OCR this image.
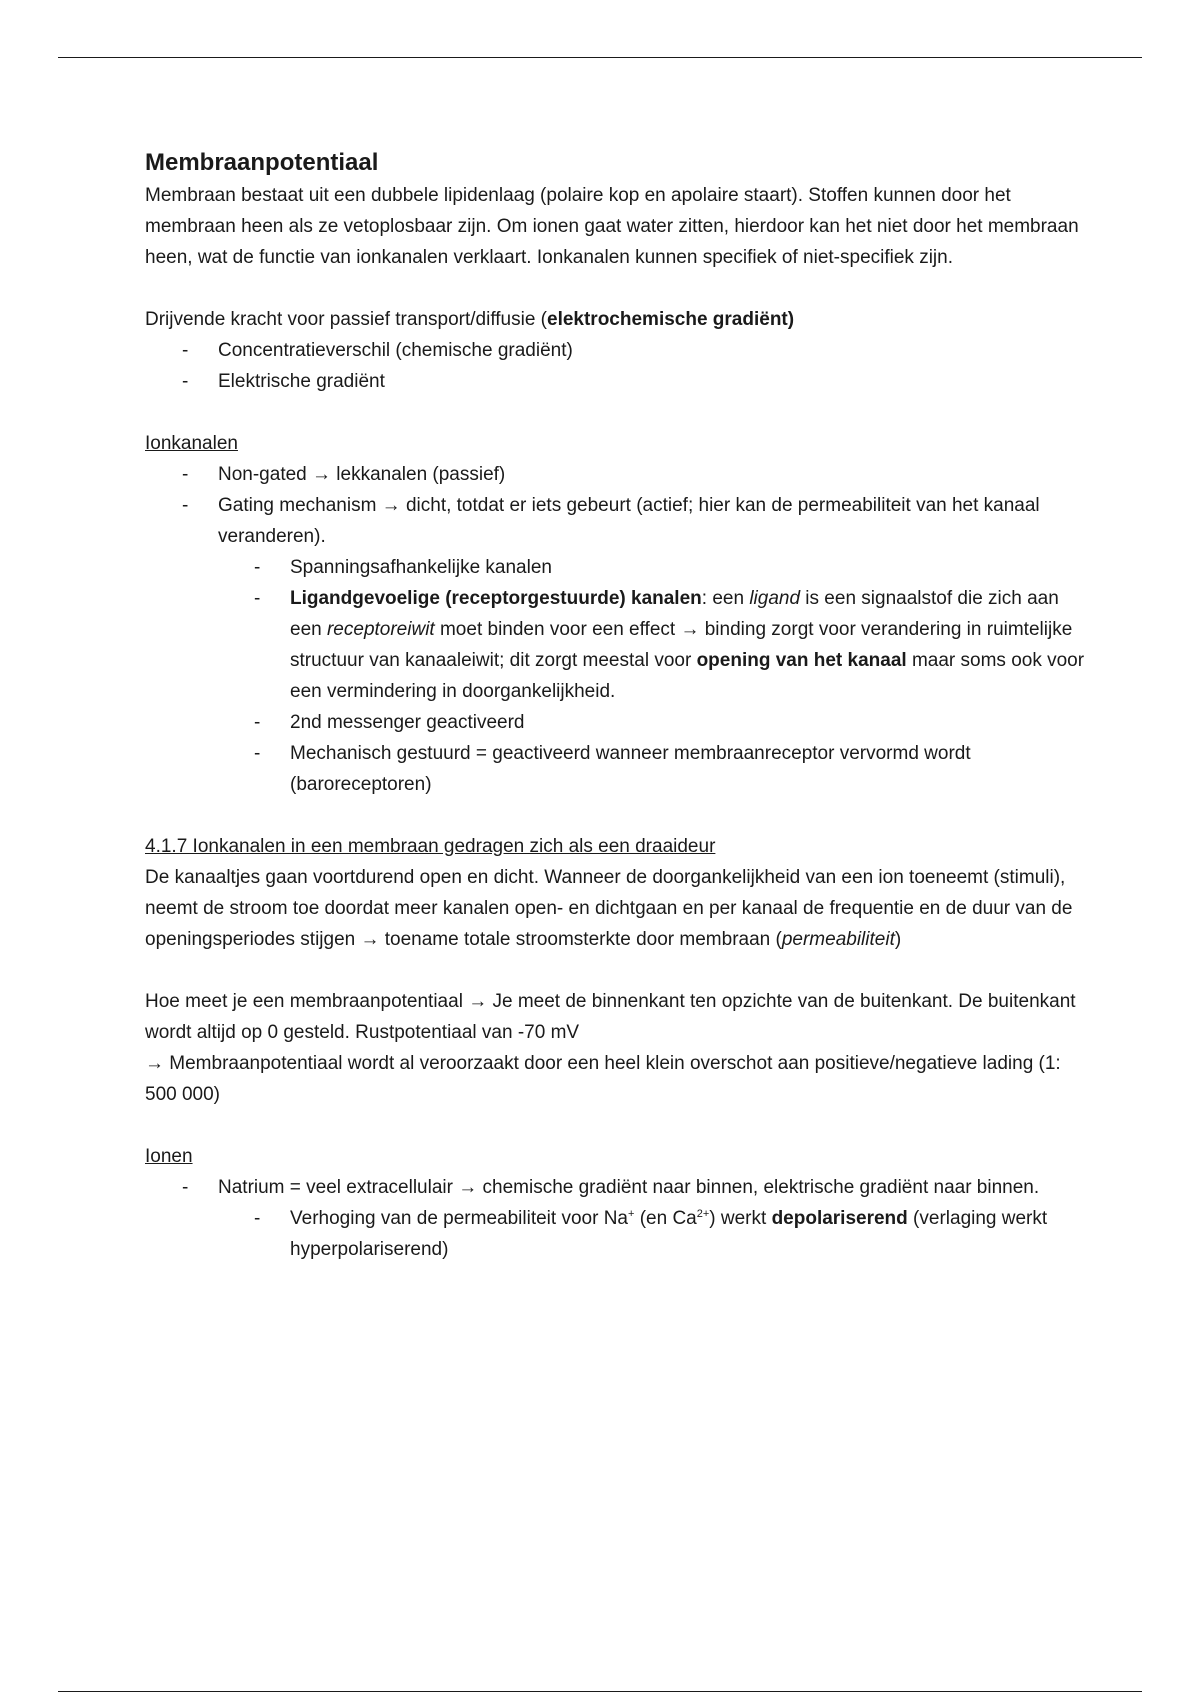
Membraanpotentiaal

Membraan bestaat uit een dubbele lipidenlaag (polaire kop en apolaire staart). Stoffen kunnen door het membraan heen als ze vetoplosbaar zijn. Om ionen gaat water zitten, hierdoor kan het niet door het membraan heen, wat de functie van ionkanalen verklaart. Ionkanalen kunnen specifiek of niet-specifiek zijn.

Drijvende kracht voor passief transport/diffusie (elektrochemische gradiënt)

- Concentratieverschil (chemische gradiënt)
- Elektrische gradiënt

Ionkanalen

- Non-gated → lekkanalen (passief)
- Gating mechanism → dicht, totdat er iets gebeurt (actief; hier kan de permeabiliteit van het kanaal veranderen).
- Spanningsafhankelijke kanalen
- Ligandgevoelige (receptorgestuurde) kanalen: een ligand is een signaalstof die zich aan een receptoreiwit moet binden voor een effect → binding zorgt voor verandering in ruimtelijke structuur van kanaaleiwit; dit zorgt meestal voor opening van het kanaal maar soms ook voor een vermindering in doorgankelijkheid.
- 2nd messenger geactiveerd
- Mechanisch gestuurd = geactiveerd wanneer membraanreceptor vervormd wordt (baroreceptoren)

4.1.7 Ionkanalen in een membraan gedragen zich als een draaideur

De kanaaltjes gaan voortdurend open en dicht. Wanneer de doorgankelijkheid van een ion toeneemt (stimuli), neemt de stroom toe doordat meer kanalen open- en dichtgaan en per kanaal de frequentie en de duur van de openingsperiodes stijgen → toename totale stroomsterkte door membraan (permeabiliteit)

Hoe meet je een membraanpotentiaal → Je meet de binnenkant ten opzichte van de buitenkant. De buitenkant wordt altijd op 0 gesteld. Rustpotentiaal van -70 mV

→ Membraanpotentiaal wordt al veroorzaakt door een heel klein overschot aan positieve/negatieve lading (1: 500 000)

Ionen

- Natrium = veel extracellulair → chemische gradiënt naar binnen, elektrische gradiënt naar binnen.
- Verhoging van de permeabiliteit voor Na+ (en $Ca^{2+}$) werkt depolariserend (verlaging werkt hyperpolariserend)
